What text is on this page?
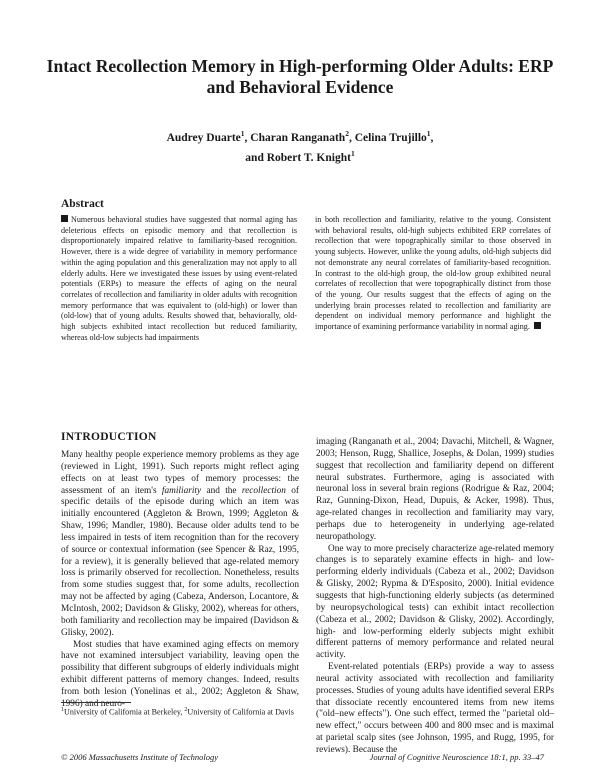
Intact Recollection Memory in High-performing Older Adults: ERP and Behavioral Evidence
Audrey Duarte$^1$, Charan Ranganath$^2$, Celina Trujillo$^1$,
and Robert T. Knight$^1$
Abstract

Numerous behavioral studies have suggested that normal aging has deleterious effects on episodic memory and that recollection is disproportionately impaired relative to familiarity-based recognition. However, there is a wide degree of variability in memory performance within the aging population and this generalization may not apply to all elderly adults. Here we investigated these issues by using event-related potentials (ERPs) to measure the effects of aging on the neural correlates of recollection and familiarity in older adults with recognition memory performance that was equivalent to (old-high) or lower than (old-low) that of young adults. Results showed that, behaviorally, old-high subjects exhibited intact recollection but reduced familiarity, whereas old-low subjects had impairments

in both recollection and familiarity, relative to the young. Consistent with behavioral results, old-high subjects exhibited ERP correlates of recollection that were topographically similar to those observed in young subjects. However, unlike the young adults, old-high subjects did not demonstrate any neural correlates of familiarity-based recognition. In contrast to the old-high group, the old-low group exhibited neural correlates of recollection that were topographically distinct from those of the young. Our results suggest that the effects of aging on the underlying brain processes related to recollection and familiarity are dependent on individual memory performance and highlight the importance of examining performance variability in normal aging.

INTRODUCTION

Many healthy people experience memory problems as they age (reviewed in Light, 1991). Such reports might reflect aging effects on at least two types of memory processes: the assessment of an item's familiarity and the recollection of specific details of the episode during which an item was initially encountered (Aggleton & Brown, 1999; Aggleton & Shaw, 1996; Mandler, 1980). Because older adults tend to be less impaired in tests of item recognition than for the recovery of source or contextual information (see Spencer & Raz, 1995, for a review), it is generally believed that age-related memory loss is primarily observed for recollection. Nonetheless, results from some studies suggest that, for some adults, recollection may not be affected by aging (Cabeza, Anderson, Locantore, & McIntosh, 2002; Davidson & Glisky, 2002), whereas for others, both familiarity and recollection may be impaired (Davidson & Glisky, 2002).

Most studies that have examined aging effects on memory have not examined intersubject variability, leaving open the possibility that different subgroups of elderly individuals might exhibit different patterns of memory changes. Indeed, results from both lesion (Yonelinas et al., 2002; Aggleton & Shaw, 1996) and neuro-

imaging (Ranganath et al., 2004; Davachi, Mitchell, & Wagner, 2003; Henson, Rugg, Shallice, Josephs, & Dolan, 1999) studies suggest that recollection and familiarity depend on different neural substrates. Furthermore, aging is associated with neuronal loss in several brain regions (Rodrigue & Raz, 2004; Raz, Gunning-Dixon, Head, Dupuis, & Acker, 1998). Thus, age-related changes in recollection and familiarity may vary, perhaps due to heterogeneity in underlying age-related neuropathology.

One way to more precisely characterize age-related memory changes is to separately examine effects in high- and low-performing elderly individuals (Cabeza et al., 2002; Davidson & Glisky, 2002; Rypma & D'Esposito, 2000). Initial evidence suggests that high-functioning elderly subjects (as determined by neuropsychological tests) can exhibit intact recollection (Cabeza et al., 2002; Davidson & Glisky, 2002). Accordingly, high- and low-performing elderly subjects might exhibit different patterns of memory performance and related neural activity.

Event-related potentials (ERPs) provide a way to assess neural activity associated with recollection and familiarity processes. Studies of young adults have identified several ERPs that dissociate recently encountered items from new items ("old–new effects"). One such effect, termed the "parietal old–new effect," occurs between 400 and 800 msec and is maximal at parietal scalp sites (see Johnson, 1995, and Rugg, 1995, for reviews). Because the

$^1$University of California at Berkeley, $^2$University of California at Davis
© 2006 Massachusetts Institute of Technology	Journal of Cognitive Neuroscience 18:1, pp. 33–47
